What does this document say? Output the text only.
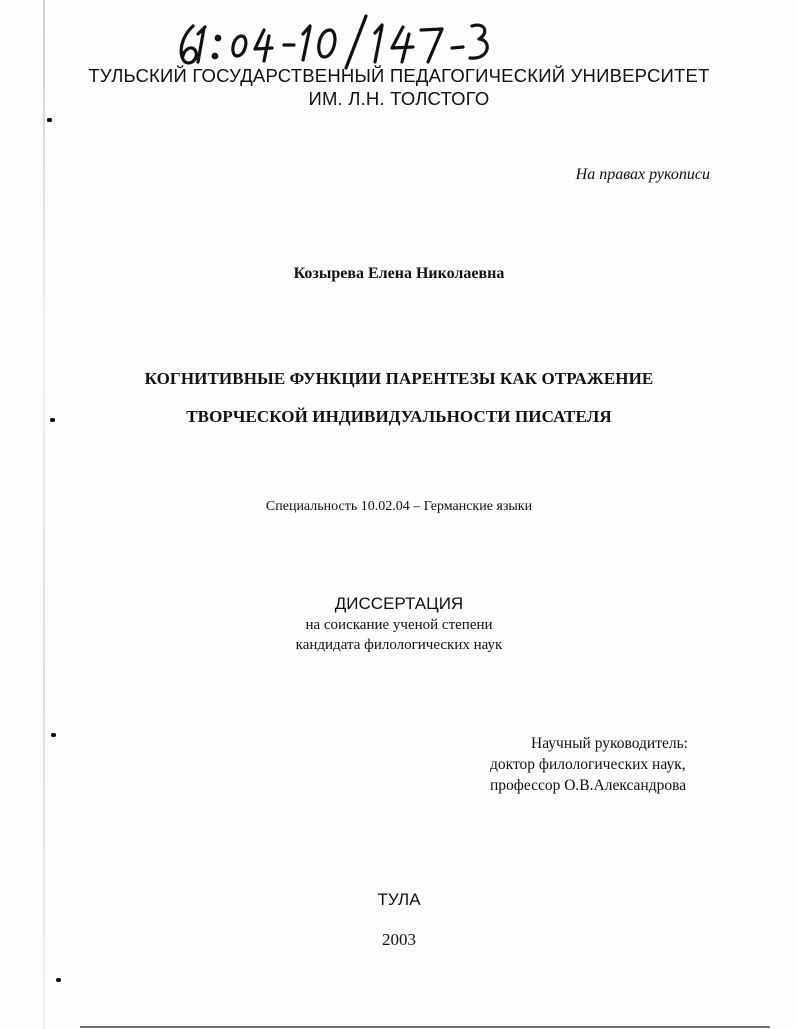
ТУЛЬСКИЙ ГОСУДАРСТВЕННЫЙ ПЕДАГОГИЧЕСКИЙ УНИВЕРСИТЕТ
ИМ. Л.Н. ТОЛСТОГО
На правах рукописи
Козырева Елена Николаевна
КОГНИТИВНЫЕ ФУНКЦИИ ПАРЕНТЕЗЫ КАК ОТРАЖЕНИЕ
ТВОРЧЕСКОЙ ИНДИВИДУАЛЬНОСТИ ПИСАТЕЛЯ
Специальность 10.02.04 – Германские языки
ДИССЕРТАЦИЯ
на соискание ученой степени
кандидата филологических наук
Научный руководитель:
доктор филологических наук,
профессор О.В.Александрова
ТУЛА
2003
